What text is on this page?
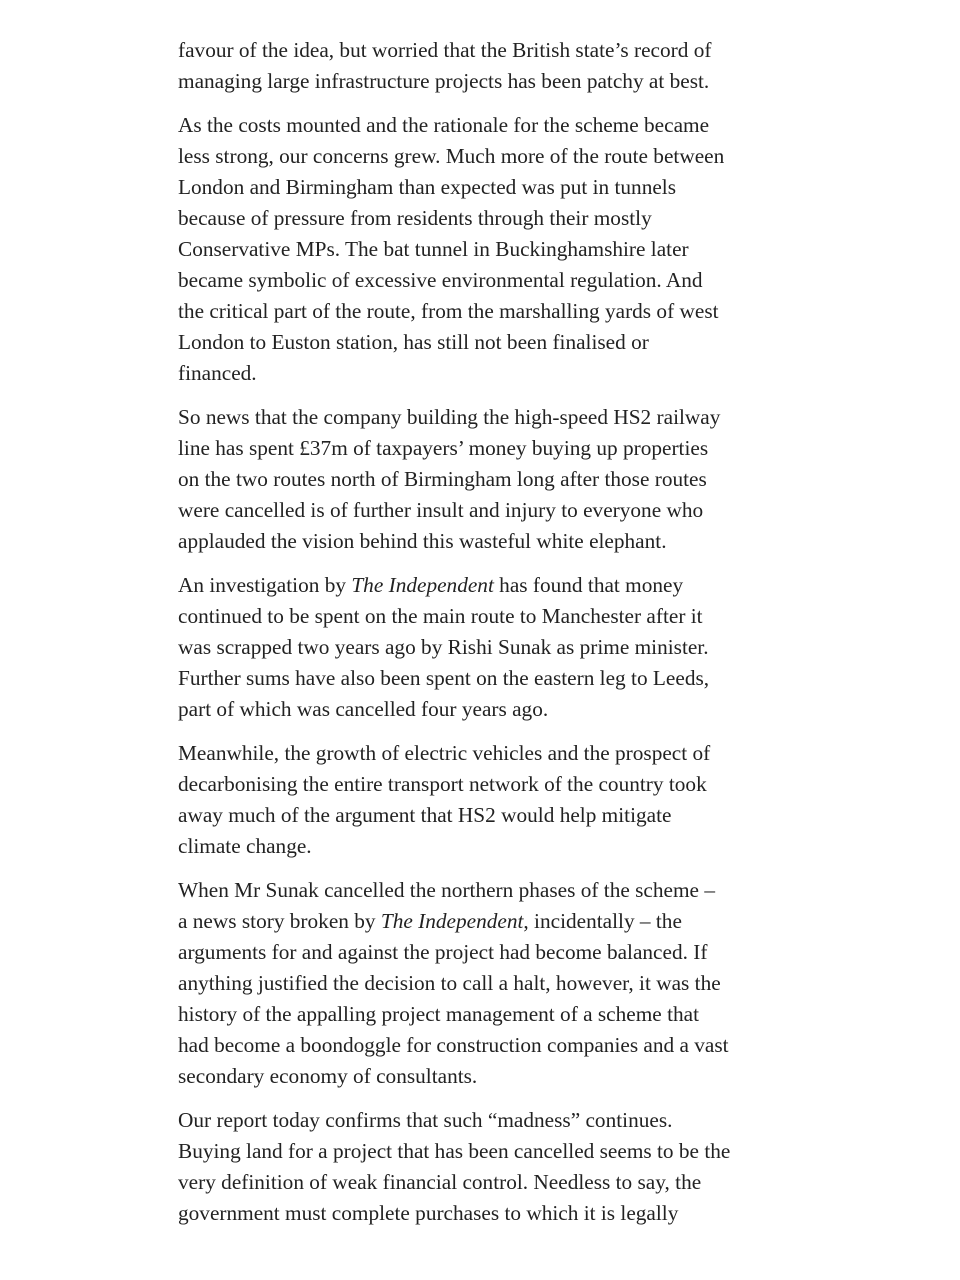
favour of the idea, but worried that the British state’s record of
managing large infrastructure projects has been patchy at best.

As the costs mounted and the rationale for the scheme became
less strong, our concerns grew. Much more of the route between
London and Birmingham than expected was put in tunnels
because of pressure from residents through their mostly
Conservative MPs. The bat tunnel in Buckinghamshire later
became symbolic of excessive environmental regulation. And
the critical part of the route, from the marshalling yards of west
London to Euston station, has still not been finalised or
financed.

So news that the company building the high-speed HS2 railway
line has spent £37m of taxpayers’ money buying up properties
on the two routes north of Birmingham long after those routes
were cancelled is of further insult and injury to everyone who
applauded the vision behind this wasteful white elephant.

An investigation by The Independent has found that money
continued to be spent on the main route to Manchester after it
was scrapped two years ago by Rishi Sunak as prime minister.
Further sums have also been spent on the eastern leg to Leeds,
part of which was cancelled four years ago.

Meanwhile, the growth of electric vehicles and the prospect of
decarbonising the entire transport network of the country took
away much of the argument that HS2 would help mitigate
climate change.

When Mr Sunak cancelled the northern phases of the scheme –
a news story broken by The Independent, incidentally – the
arguments for and against the project had become balanced. If
anything justified the decision to call a halt, however, it was the
history of the appalling project management of a scheme that
had become a boondoggle for construction companies and a vast
secondary economy of consultants.

Our report today confirms that such “madness” continues.
Buying land for a project that has been cancelled seems to be the
very definition of weak financial control. Needless to say, the
government must complete purchases to which it is legally
